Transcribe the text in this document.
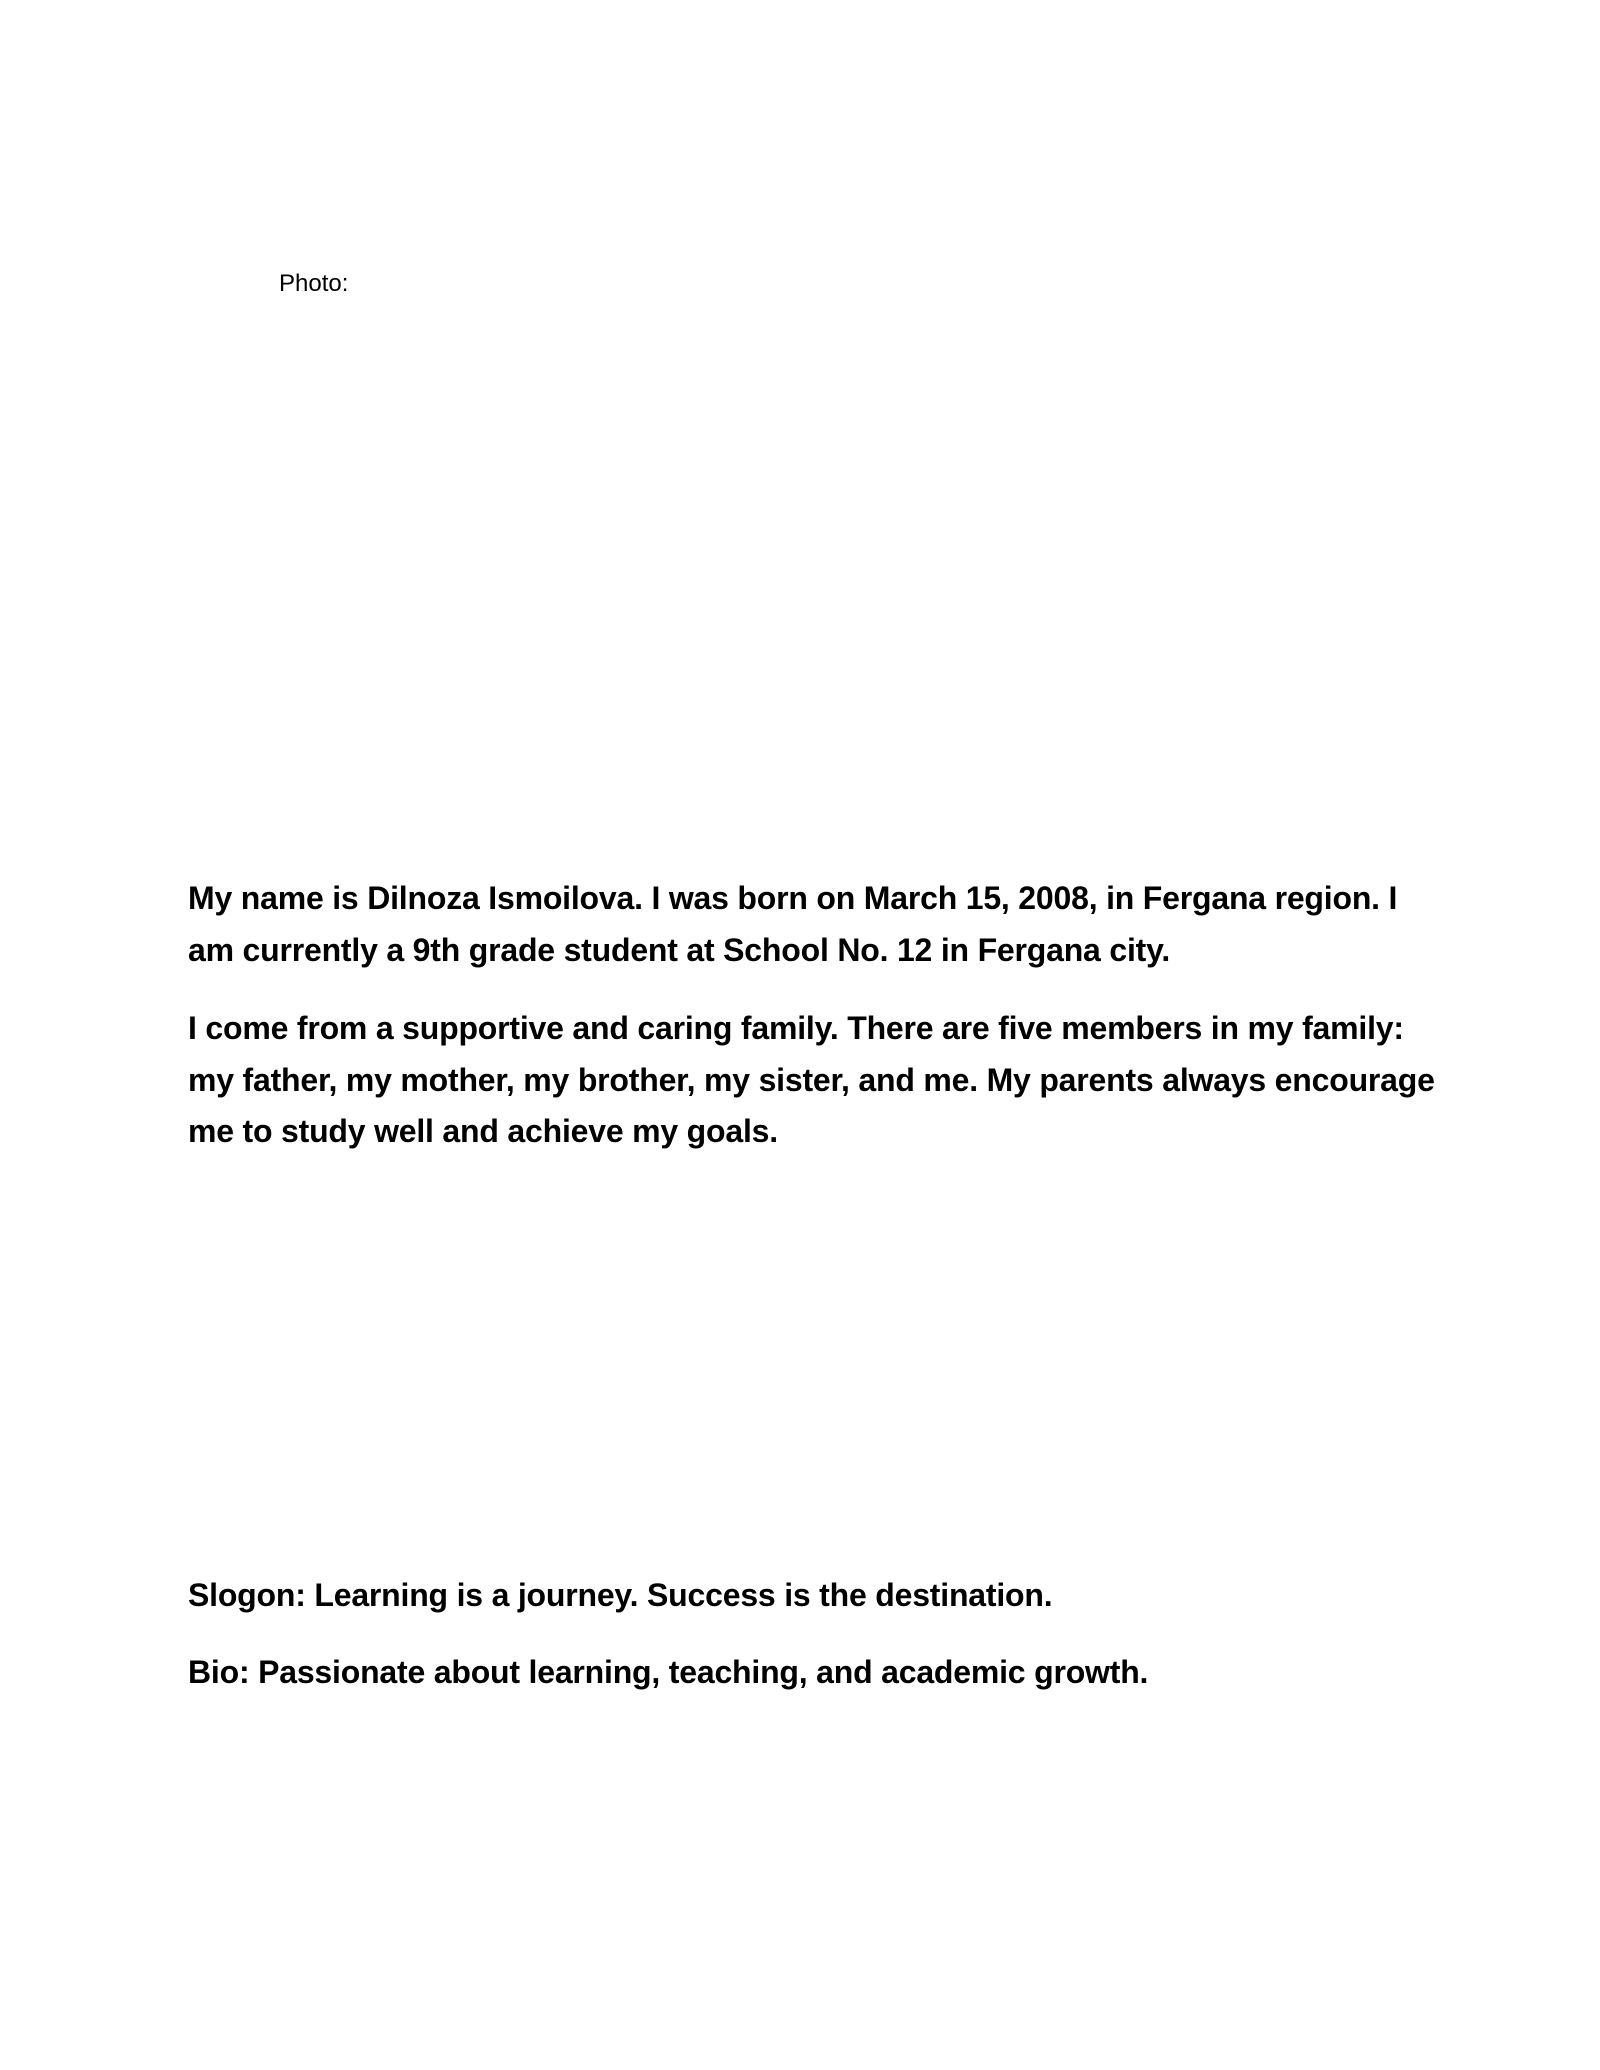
Photo:

My name is Dilnoza Ismoilova. I was born on March 15, 2008, in Fergana region. I am currently a 9th grade student at School No. 12 in Fergana city.

I come from a supportive and caring family. There are five members in my family: my father, my mother, my brother, my sister, and me. My parents always encourage me to study well and achieve my goals.

Slogon: Learning is a journey. Success is the destination.

Bio: Passionate about learning, teaching, and academic growth.
